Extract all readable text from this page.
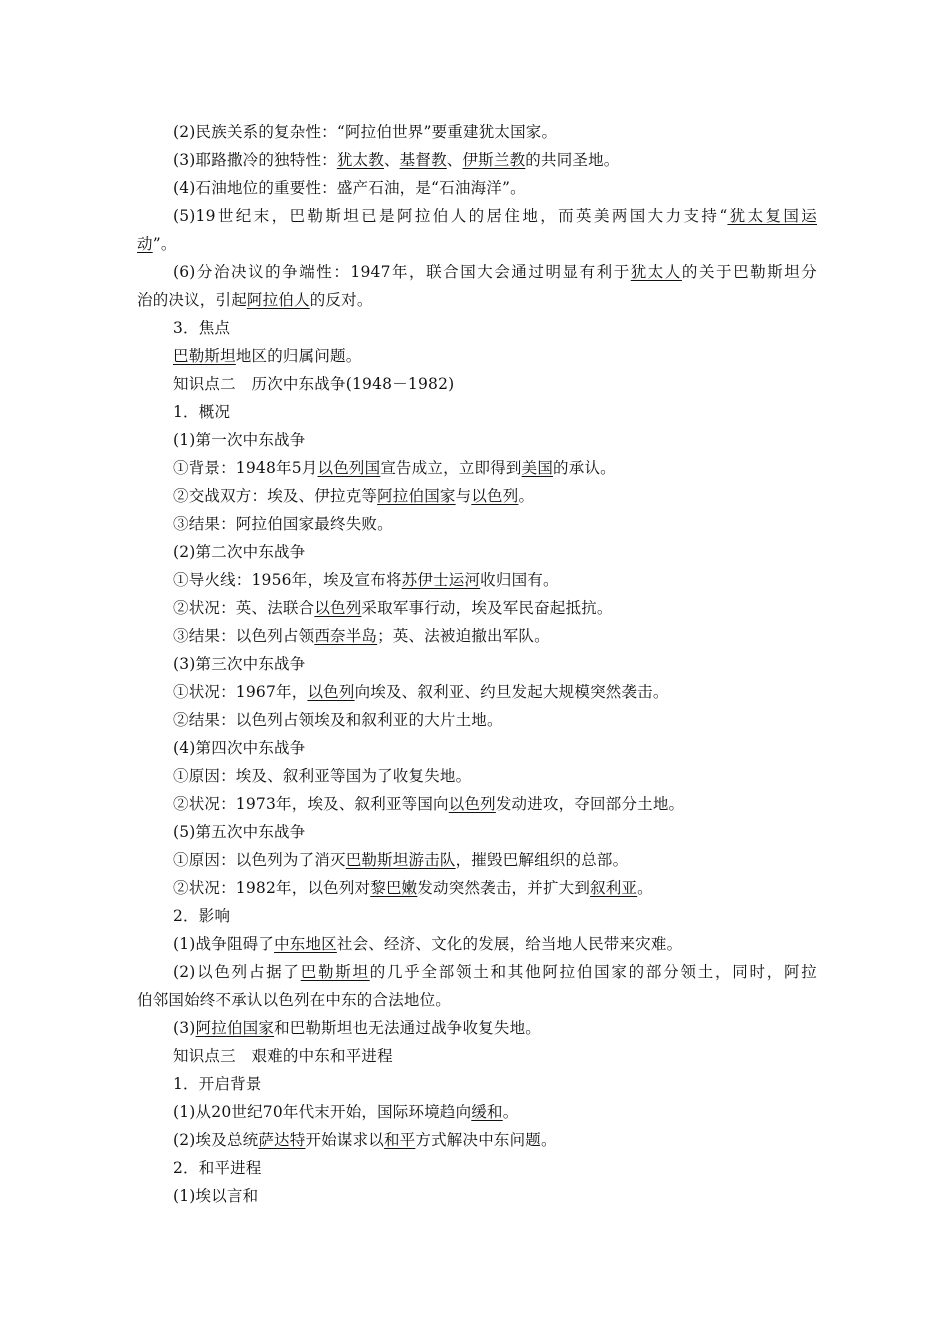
(2)民族关系的复杂性：“阿拉伯世界”要重建犹太国家。
(3)耶路撒冷的独特性：犹太教、基督教、伊斯兰教的共同圣地。
(4)石油地位的重要性：盛产石油，是“石油海洋”。
(5)19世纪末，巴勒斯坦已是阿拉伯人的居住地，而英美两国大力支持“犹太复国运
动”。
(6)分治决议的争端性：1947年，联合国大会通过明显有利于犹太人的关于巴勒斯坦分
治的决议，引起阿拉伯人的反对。
3．焦点
巴勒斯坦地区的归属问题。
知识点二　历次中东战争(1948－1982)
1．概况
(1)第一次中东战争
①背景：1948年5月以色列国宣告成立，立即得到美国的承认。
②交战双方：埃及、伊拉克等阿拉伯国家与以色列。
③结果：阿拉伯国家最终失败。
(2)第二次中东战争
①导火线：1956年，埃及宣布将苏伊士运河收归国有。
②状况：英、法联合以色列采取军事行动，埃及军民奋起抵抗。
③结果：以色列占领西奈半岛；英、法被迫撤出军队。
(3)第三次中东战争
①状况：1967年，以色列向埃及、叙利亚、约旦发起大规模突然袭击。
②结果：以色列占领埃及和叙利亚的大片土地。
(4)第四次中东战争
①原因：埃及、叙利亚等国为了收复失地。
②状况：1973年，埃及、叙利亚等国向以色列发动进攻，夺回部分土地。
(5)第五次中东战争
①原因：以色列为了消灭巴勒斯坦游击队，摧毁巴解组织的总部。
②状况：1982年，以色列对黎巴嫩发动突然袭击，并扩大到叙利亚。
2．影响
(1)战争阻碍了中东地区社会、经济、文化的发展，给当地人民带来灾难。
(2)以色列占据了巴勒斯坦的几乎全部领土和其他阿拉伯国家的部分领土，同时，阿拉
伯邻国始终不承认以色列在中东的合法地位。
(3)阿拉伯国家和巴勒斯坦也无法通过战争收复失地。
知识点三　艰难的中东和平进程
1．开启背景
(1)从20世纪70年代末开始，国际环境趋向缓和。
(2)埃及总统萨达特开始谋求以和平方式解决中东问题。
2．和平进程
(1)埃以言和
